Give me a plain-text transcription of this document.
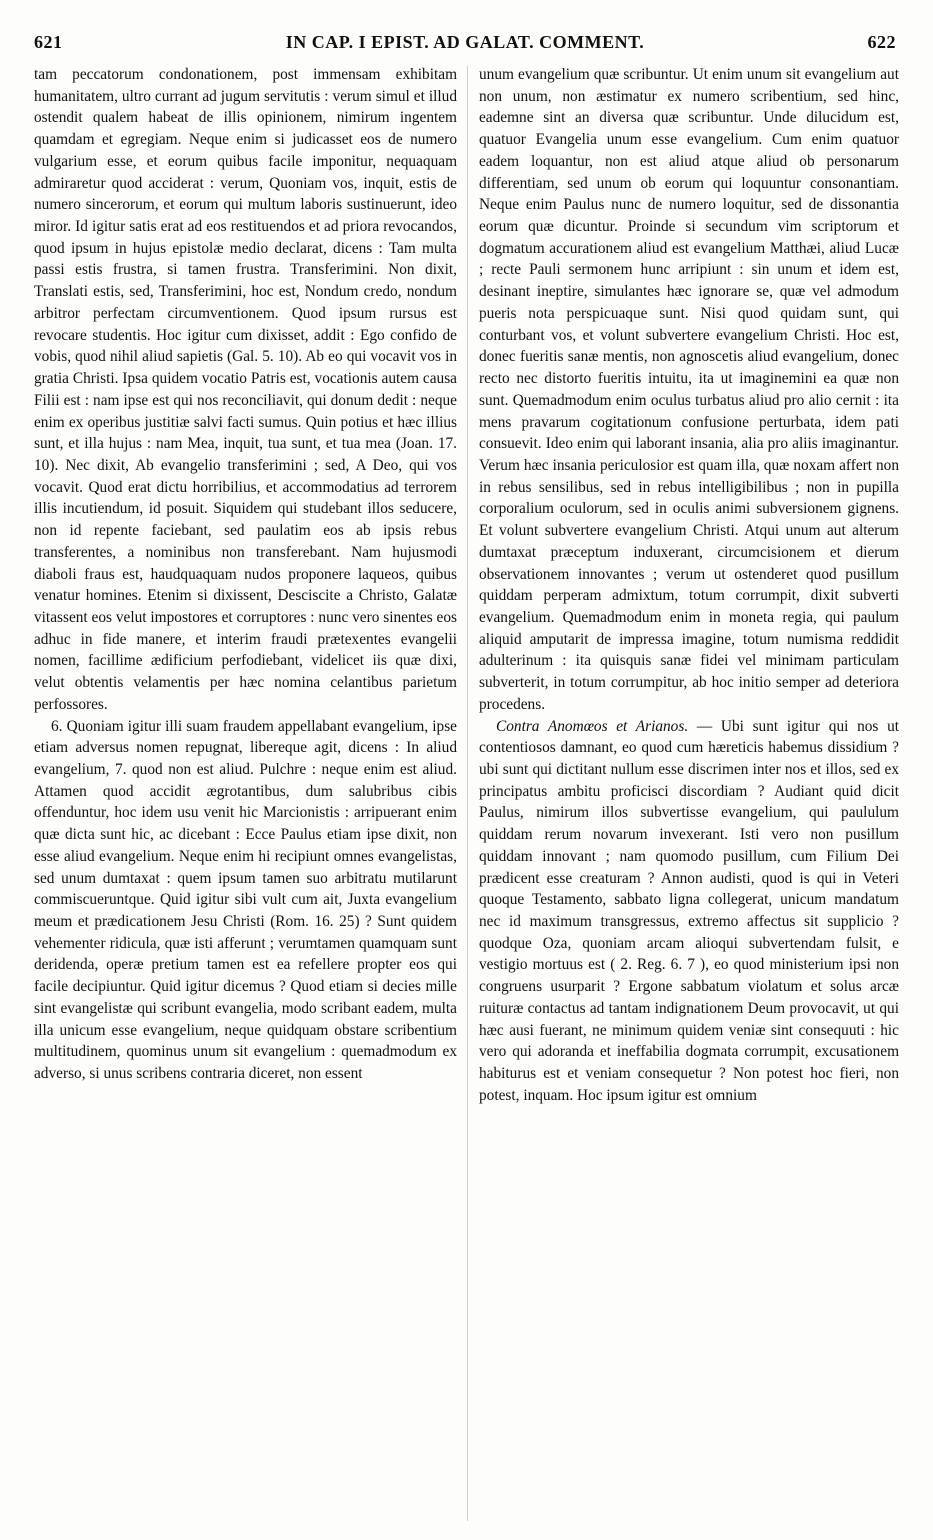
621	IN CAP. I EPIST. AD GALAT. COMMENT.	622

tam peccatorum condonationem, post immensam exhibitam humanitatem, ultro currant ad jugum servitutis : verum simul et illud ostendit qualem habeat de illis opinionem, nimirum ingentem quamdam et egregiam. Neque enim si judicasset eos de numero vulgarium esse, et eorum quibus facile imponitur, nequaquam admiraretur quod acciderat : verum, Quoniam vos, inquit, estis de numero sincerorum, et eorum qui multum laboris sustinuerunt, ideo miror. Id igitur satis erat ad eos restituendos et ad priora revocandos, quod ipsum in hujus epistolæ medio declarat, dicens : Tam multa passi estis frustra, si tamen frustra. Transferimini. Non dixit, Translati estis, sed, Transferimini, hoc est, Nondum credo, nondum arbitror perfectam circumventionem. Quod ipsum rursus est revocare studentis. Hoc igitur cum dixisset, addit : Ego confido de vobis, quod nihil aliud sapietis (Gal. 5. 10). Ab eo qui vocavit vos in gratia Christi. Ipsa quidem vocatio Patris est, vocationis autem causa Filii est : nam ipse est qui nos reconciliavit, qui donum dedit : neque enim ex operibus justitiæ salvi facti sumus. Quin potius et hæc illius sunt, et illa hujus : nam Mea, inquit, tua sunt, et tua mea (Joan. 17. 10). Nec dixit, Ab evangelio transferimini ; sed, A Deo, qui vos vocavit. Quod erat dictu horribilius, et accommodatius ad terrorem illis incutiendum, id posuit. Siquidem qui studebant illos seducere, non id repente faciebant, sed paulatim eos ab ipsis rebus transferentes, a nominibus non transferebant. Nam hujusmodi diaboli fraus est, haudquaquam nudos proponere laqueos, quibus venatur homines. Etenim si dixissent, Desciscite a Christo, Galatæ vitassent eos velut impostores et corruptores : nunc vero sinentes eos adhuc in fide manere, et interim fraudi prætexentes evangelii nomen, facillime ædificium perfodiebant, videlicet iis quæ dixi, velut obtentis velamentis per hæc nomina celantibus parietum perfossores.

6. Quoniam igitur illi suam fraudem appellabant evangelium, ipse etiam adversus nomen repugnat, libereque agit, dicens : In aliud evangelium, 7. quod non est aliud. Pulchre : neque enim est aliud. Attamen quod accidit ægrotantibus, dum salubribus cibis offenduntur, hoc idem usu venit hic Marcionistis : arripuerant enim quæ dicta sunt hic, ac dicebant : Ecce Paulus etiam ipse dixit, non esse aliud evangelium. Neque enim hi recipiunt omnes evangelistas, sed unum dumtaxat : quem ipsum tamen suo arbitratu mutilarunt commiscueruntque. Quid igitur sibi vult cum ait, Juxta evangelium meum et prædicationem Jesu Christi (Rom. 16. 25) ? Sunt quidem vehementer ridicula, quæ isti afferunt ; verumtamen quamquam sunt deridenda, operæ pretium tamen est ea refellere propter eos qui facile decipiuntur. Quid igitur dicemus ? Quod etiam si decies mille sint evangelistæ qui scribunt evangelia, modo scribant eadem, multa illa unicum esse evangelium, neque quidquam obstare scribentium multitudinem, quominus unum sit evangelium : quemadmodum ex adverso, si unus scribens contraria diceret, non essent

unum evangelium quæ scribuntur. Ut enim unum sit evangelium aut non unum, non æstimatur ex numero scribentium, sed hinc, eademne sint an diversa quæ scribuntur. Unde dilucidum est, quatuor Evangelia unum esse evangelium. Cum enim quatuor eadem loquantur, non est aliud atque aliud ob personarum differentiam, sed unum ob eorum qui loquuntur consonantiam. Neque enim Paulus nunc de numero loquitur, sed de dissonantia eorum quæ dicuntur. Proinde si secundum vim scriptorum et dogmatum accurationem aliud est evangelium Matthæi, aliud Lucæ ; recte Pauli sermonem hunc arripiunt : sin unum et idem est, desinant ineptire, simulantes hæc ignorare se, quæ vel admodum pueris nota perspicuaque sunt. Nisi quod quidam sunt, qui conturbant vos, et volunt subvertere evangelium Christi. Hoc est, donec fueritis sanæ mentis, non agnoscetis aliud evangelium, donec recto nec distorto fueritis intuitu, ita ut imaginemini ea quæ non sunt. Quemadmodum enim oculus turbatus aliud pro alio cernit : ita mens pravarum cogitationum confusione perturbata, idem pati consuevit. Ideo enim qui laborant insania, alia pro aliis imaginantur. Verum hæc insania periculosior est quam illa, quæ noxam affert non in rebus sensilibus, sed in rebus intelligibilibus ; non in pupilla corporalium oculorum, sed in oculis animi subversionem gignens. Et volunt subvertere evangelium Christi. Atqui unum aut alterum dumtaxat præceptum induxerant, circumcisionem et dierum observationem innovantes ; verum ut ostenderet quod pusillum quiddam perperam admixtum, totum corrumpit, dixit subverti evangelium. Quemadmodum enim in moneta regia, qui paulum aliquid amputarit de impressa imagine, totum numisma reddidit adulterinum : ita quisquis sanæ fidei vel minimam particulam subverterit, in totum corrumpitur, ab hoc initio semper ad deteriora procedens.

Contra Anomœos et Arianos. — Ubi sunt igitur qui nos ut contentiosos damnant, eo quod cum hæreticis habemus dissidium ? ubi sunt qui dictitant nullum esse discrimen inter nos et illos, sed ex principatus ambitu proficisci discordiam ? Audiant quid dicit Paulus, nimirum illos subvertisse evangelium, qui paululum quiddam rerum novarum invexerant. Isti vero non pusillum quiddam innovant ; nam quomodo pusillum, cum Filium Dei prædicent esse creaturam ? Annon audisti, quod is qui in Veteri quoque Testamento, sabbato ligna collegerat, unicum mandatum nec id maximum transgressus, extremo affectus sit supplicio ? quodque Oza, quoniam arcam alioqui subvertendam fulsit, e vestigio mortuus est ( 2. Reg. 6. 7 ), eo quod ministerium ipsi non congruens usurparit ? Ergone sabbatum violatum et solus arcæ ruituræ contactus ad tantam indignationem Deum provocavit, ut qui hæc ausi fuerant, ne minimum quidem veniæ sint consequuti : hic vero qui adoranda et ineffabilia dogmata corrumpit, excusationem habiturus est et veniam consequetur ? Non potest hoc fieri, non potest, inquam. Hoc ipsum igitur est omnium
